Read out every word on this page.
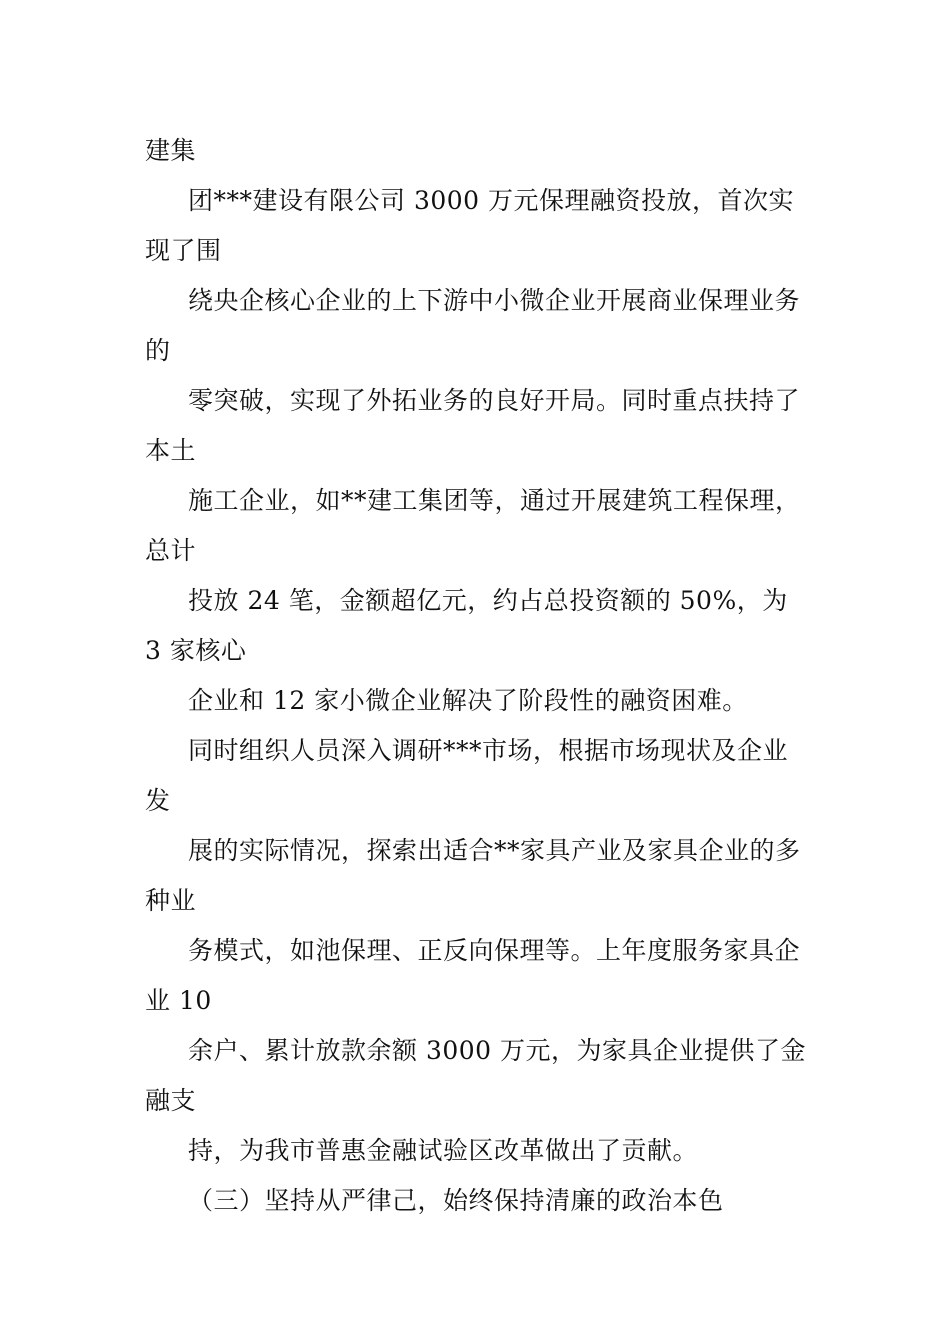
建集
团***建设有限公司 3000 万元保理融资投放，首次实
现了围
绕央企核心企业的上下游中小微企业开展商业保理业务
的
零突破，实现了外拓业务的良好开局。同时重点扶持了
本土
施工企业，如**建工集团等，通过开展建筑工程保理，
总计
投放 24 笔，金额超亿元，约占总投资额的 50%，为
3 家核心
企业和 12 家小微企业解决了阶段性的融资困难。
同时组织人员深入调研***市场，根据市场现状及企业
发
展的实际情况，探索出适合**家具产业及家具企业的多
种业
务模式，如池保理、正反向保理等。上年度服务家具企
业 10
余户、累计放款余额 3000 万元，为家具企业提供了金
融支
持，为我市普惠金融试验区改革做出了贡献。
（三）坚持从严律己，始终保持清廉的政治本色
